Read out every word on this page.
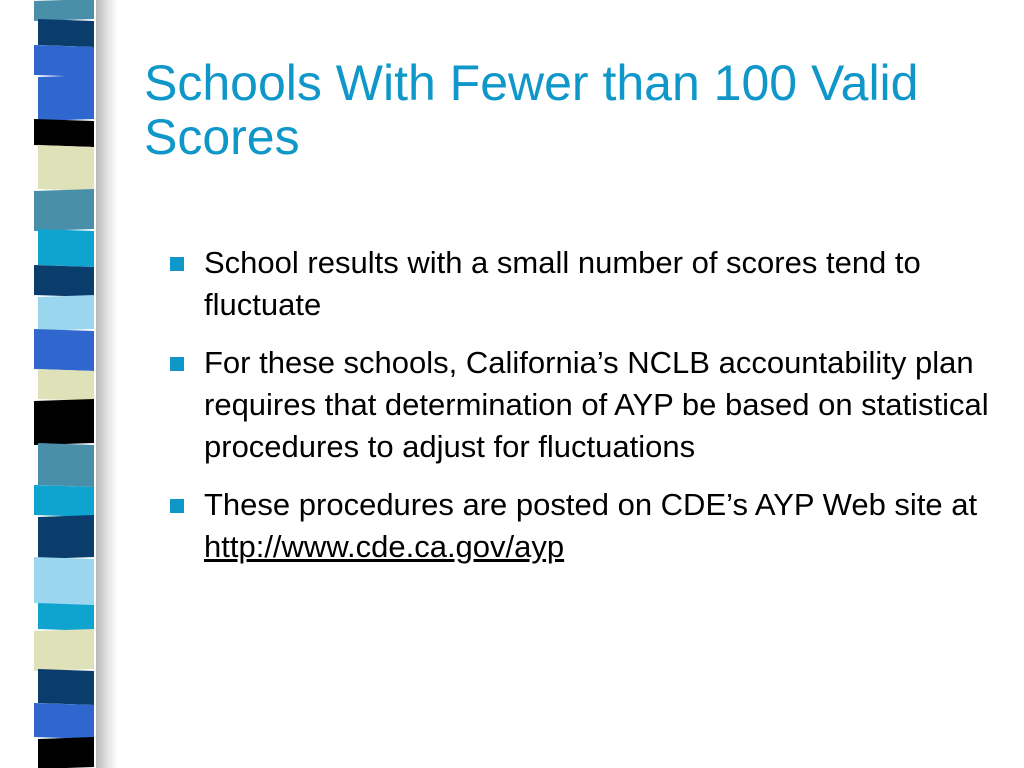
Schools With Fewer than 100 Valid Scores
School results with a small number of scores tend to fluctuate
For these schools, California’s NCLB accountability plan requires that determination of AYP be based on statistical procedures to adjust for fluctuations
These procedures are posted on CDE’s AYP Web site at http://www.cde.ca.gov/ayp
